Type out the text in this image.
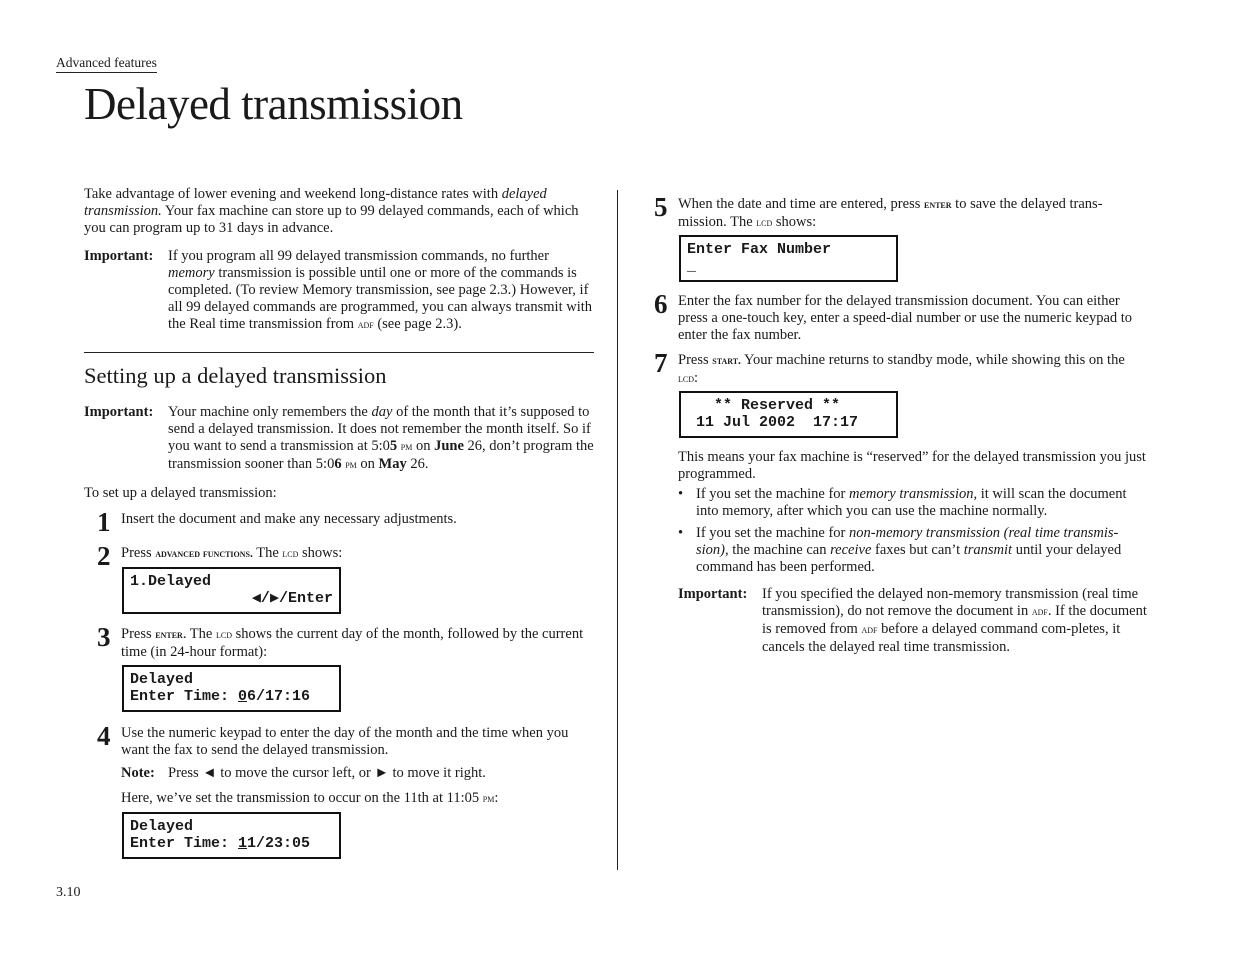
Advanced features
Delayed transmission

Take advantage of lower evening and weekend long-distance rates with delayed transmission. Your fax machine can store up to 99 delayed commands, each of which you can program up to 31 days in advance.

Important: If you program all 99 delayed transmission commands, no further memory transmission is possible until one or more of the commands is completed. (To review Memory transmission, see page 2.3.) However, if all 99 delayed commands are programmed, you can always transmit with the Real time transmission from adf (see page 2.3).

Setting up a delayed transmission
Important: Your machine only remembers the day of the month that it’s supposed to send a delayed transmission. It does not remember the month itself. So if you want to send a transmission at 5:05 pm on June 26, don’t program the transmission sooner than 5:06 pm on May 26.

To set up a delayed transmission:

1 Insert the document and make any necessary adjustments.

2 Press advanced functions. The lcd shows:

1.Delayed
◀/▶/Enter
3 Press enter. The lcd shows the current day of the month, followed by the current time (in 24-hour format):

Delayed
Enter Time: 06/17:16
4 Use the numeric keypad to enter the day of the month and the time when you want the fax to send the delayed transmission.

Note: Press ◄ to move the cursor left, or ► to move it right.

Here, we’ve set the transmission to occur on the 11th at 11:05 pm:

Delayed
Enter Time: 11/23:05
5 When the date and time are entered, press enter to save the delayed trans-mission. The lcd shows:

Enter Fax Number
_
6 Enter the fax number for the delayed transmission document. You can either press a one-touch key, enter a speed-dial number or use the numeric keypad to enter the fax number.

7 Press start. Your machine returns to standby mode, while showing this on the lcd:

** Reserved **
11 Jul 2002  17:17

This means your fax machine is “reserved” for the delayed transmission you just programmed.

• If you set the machine for memory transmission, it will scan the document into memory, after which you can use the machine normally.
• If you set the machine for non-memory transmission (real time transmis-sion), the machine can receive faxes but can’t transmit until your delayed command has been performed.
Important: If you specified the delayed non-memory transmission (real time transmission), do not remove the document in adf. If the document is removed from adf before a delayed command com-pletes, it cancels the delayed real time transmission.

3.10
